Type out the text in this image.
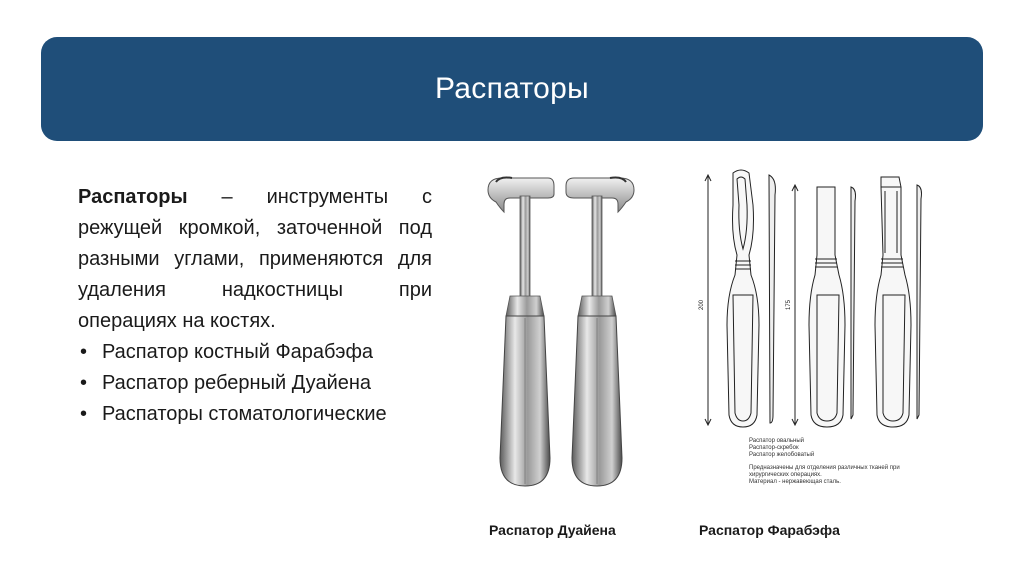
Распаторы

Распаторы – инструменты с режущей кромкой, заточенной под разными углами, применяются для удаления надкостницы при операциях на костях.

• Распатор костный Фарабэфа
• Распатор реберный Дуайена
• Распаторы стоматологические
200	175
Распатор овальный
Распатор-скребок
Распатор желобоватый
Предназначены для отделения различных тканей при хирургических операциях.
Материал - нержавеющая сталь.
Распатор Дуайена	Распатор Фарабэфа
